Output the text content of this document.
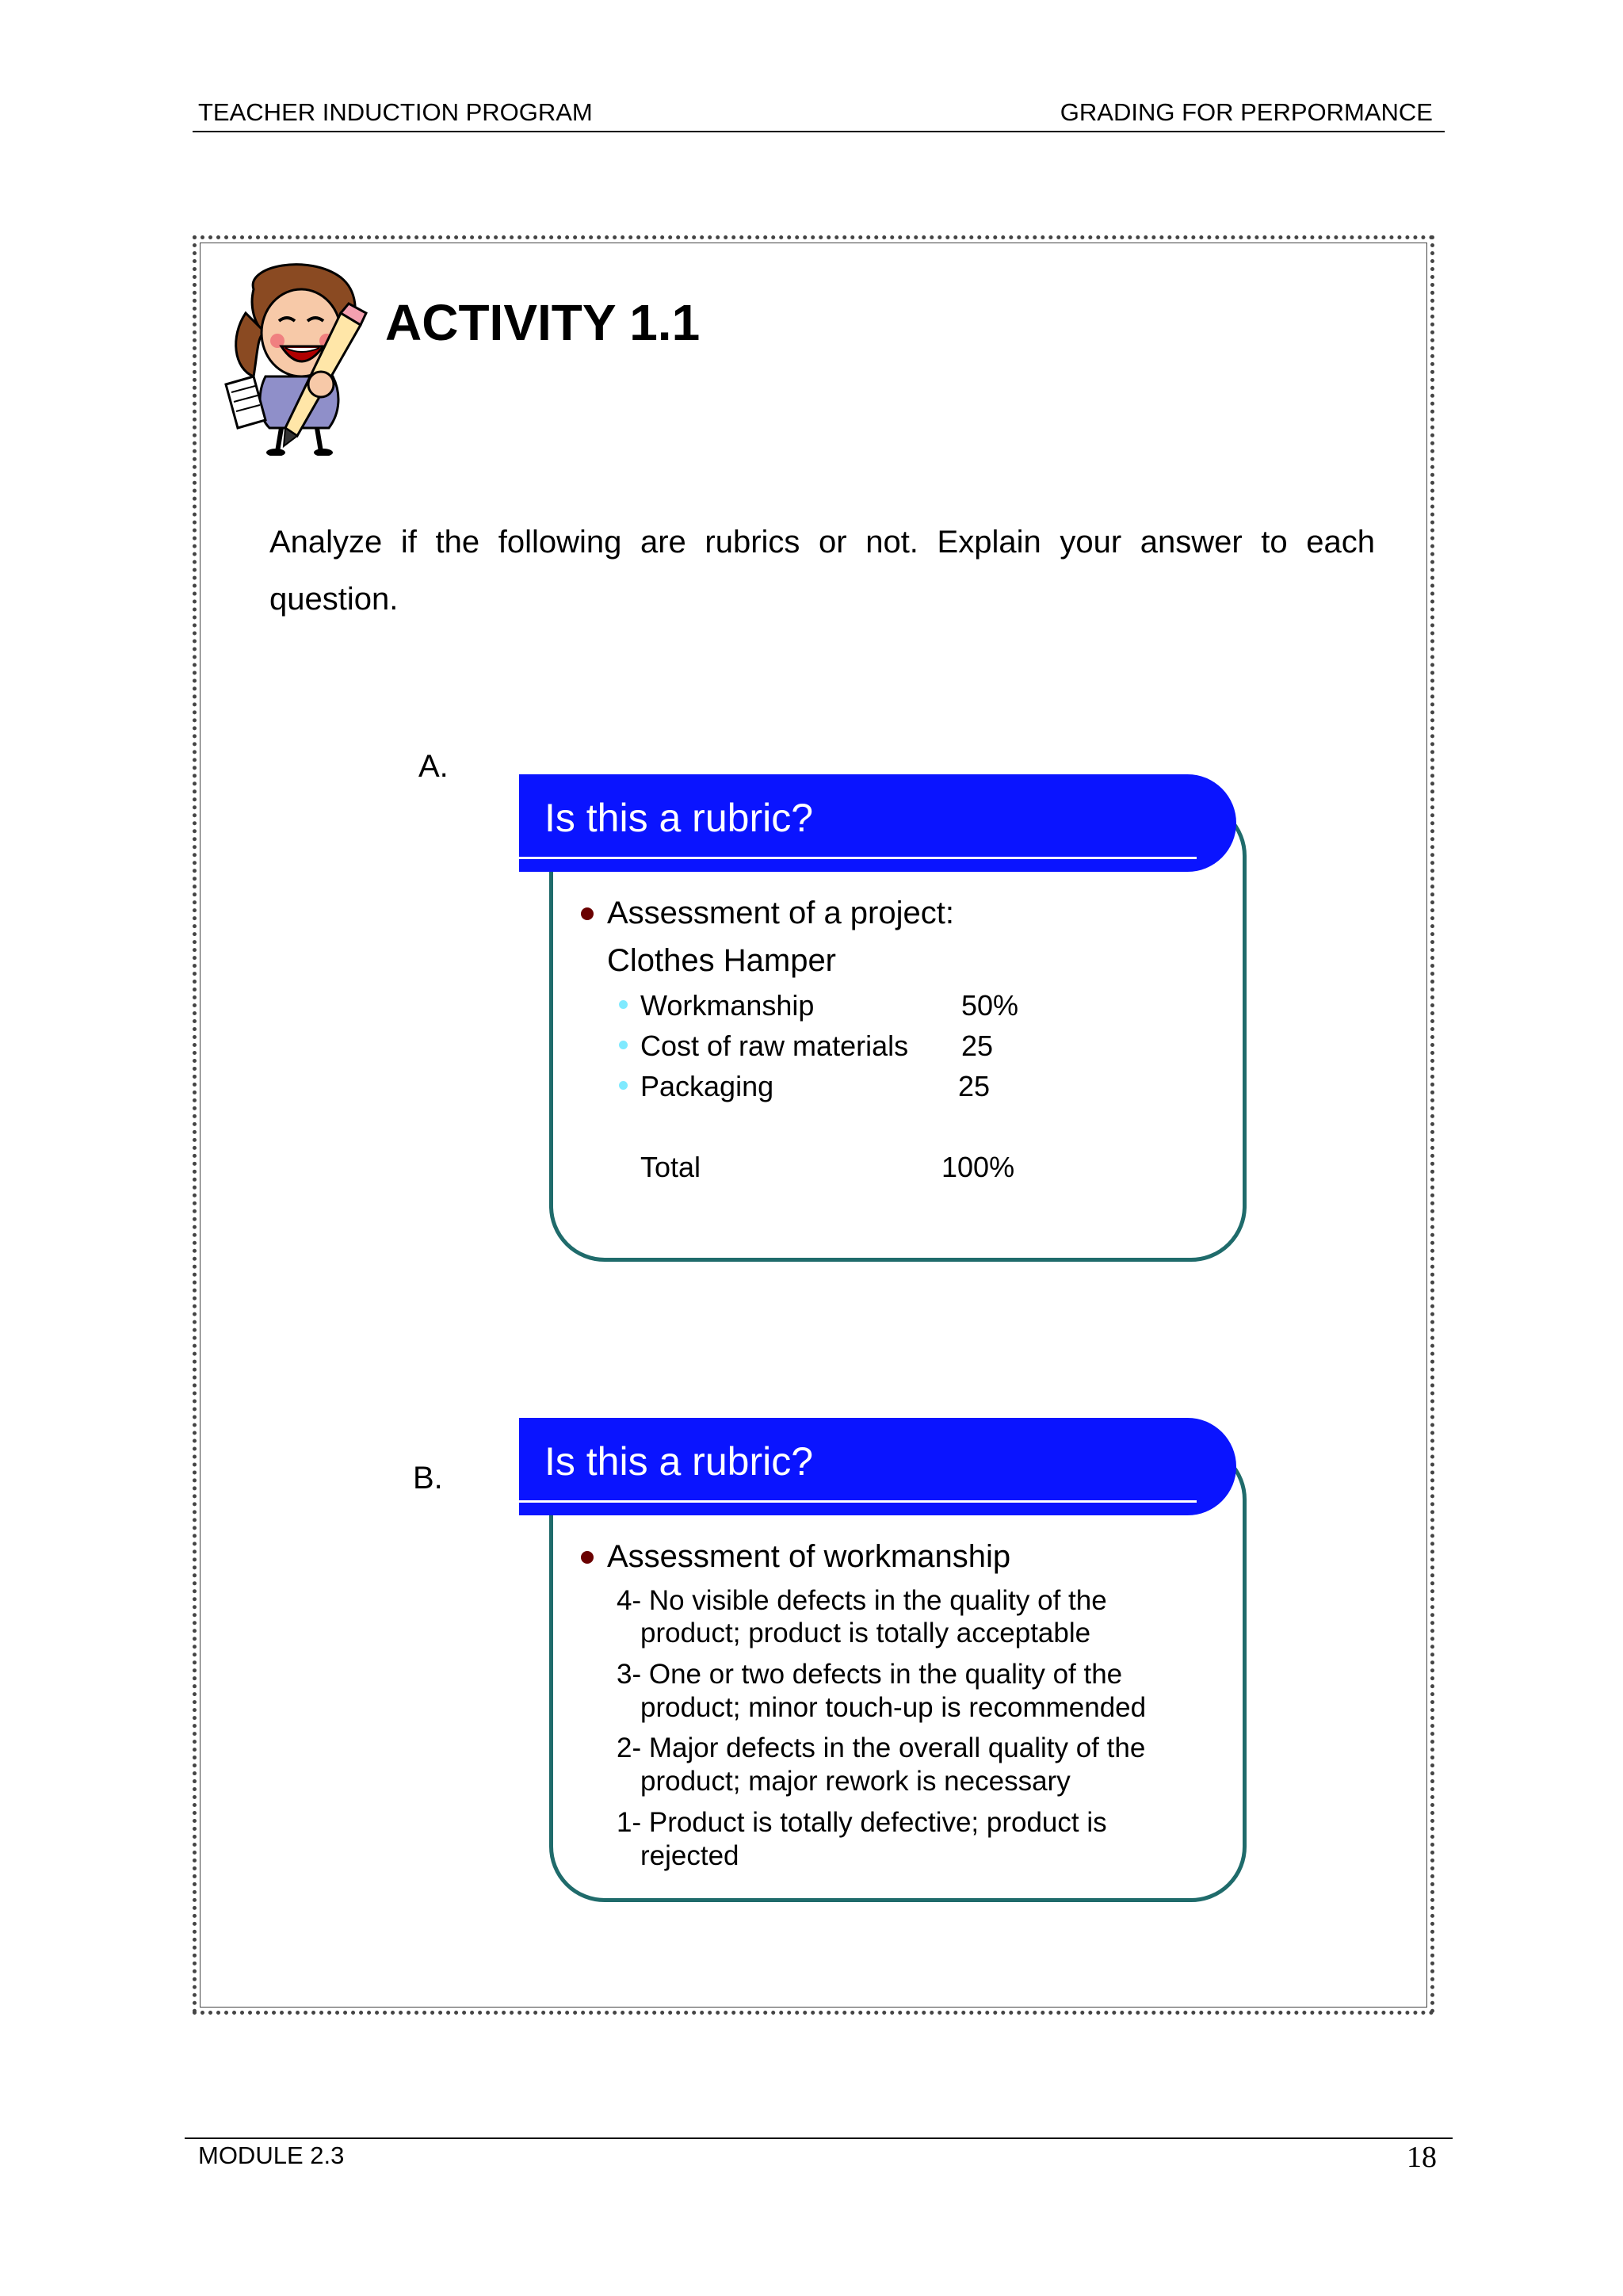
TEACHER INDUCTION PROGRAM	GRADING FOR PERPORMANCE
ACTIVITY 1.1
Analyze if the following are rubrics or not. Explain your answer to each question.
A.
Is this a rubric?
Assessment of a project:
Clothes Hamper
Workmanship	50%
Cost of raw materials 25
Packaging	25
Total	100%
B.	Is this a rubric?
Assessment of workmanship
4- No visible defects in the quality of the
product; product is totally acceptable
3- One or two defects in the quality of the
product; minor touch-up is recommended
2- Major defects in the overall quality of the
product; major rework is necessary
1- Product is totally defective; product is
rejected
MODULE 2.3	18
